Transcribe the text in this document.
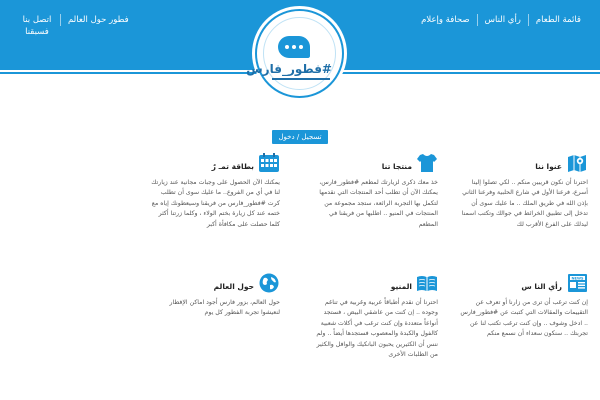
قائمة الطعام
رأي الناس
صحافة وإعلام
فطور حول العالم
اتصل بنا
فسبقنا
#فطور_فارس
تسجيل / دخول
عنوا ننا
احترنا أن نكون قريبين منكم .. لكي تصلوا إلينا أسرع، فرعنا الأول في شارع الحلبية وفرعنا الثاني بإذن الله في طريق الملك .. ما عليك سوى أن تدخل إلى تطبيق الخرائط في جوالك وتكتب اسمنا ليدلك على الفرع الأقرب لك
منتجا تنا
خذ معك ذكرى لزيارتك لمطعم #فطور_فارس، يمكنك الآن أن تطلب أحد المنتجات التي نقدمها لتكمل بها التجربة الرائعة، ستجد مجموعة من المنتجات في المنيو .. اطلبها من فريقنا في المطعم
بطاقة تمـ رٌ
يمكنك الآن الحصول على وجبات مجانية عند زيارتك لنا في أي من الفروع.. ما عليك سوى أن تطلب كرت #فطور_فارس من فريقنا وسيعطونك إياه مع ختمه عند كل زيارة بختم الولاء ، وكلما زرتنا أكثر كلما حصلت على مكافأة أكبر
NEWS
رأي النا س
إن كنت ترغب أن ترى من زارنا أو تعرف عن التقييمات والمقالات التي كتبت عن #فطور_فارس .. ادخل وشوف .. وإن كنت ترغب تكتب لنا عن تجربتك .. سنكون سعداء أن نسمع منكم
المنيو
احترنا أن نقدم أطباقاً عربية وغربية في تناغم وجوده .. إن كنت من عاشقي البيض ، فستجد أنواعاً متعددة وإن كنت ترغب في أكلات شعبية كالفول والكبدة والمعصوب فستجدها أيضاً .. ولم ننس أن الكثيرين يحبون البانكيك والوافل والكثير من الطلبات الأخرى
حول العالم
حول العالم، بزور فارس أجود اماكن الإفطار لنعيشوا تجربة الفطور كل يوم
